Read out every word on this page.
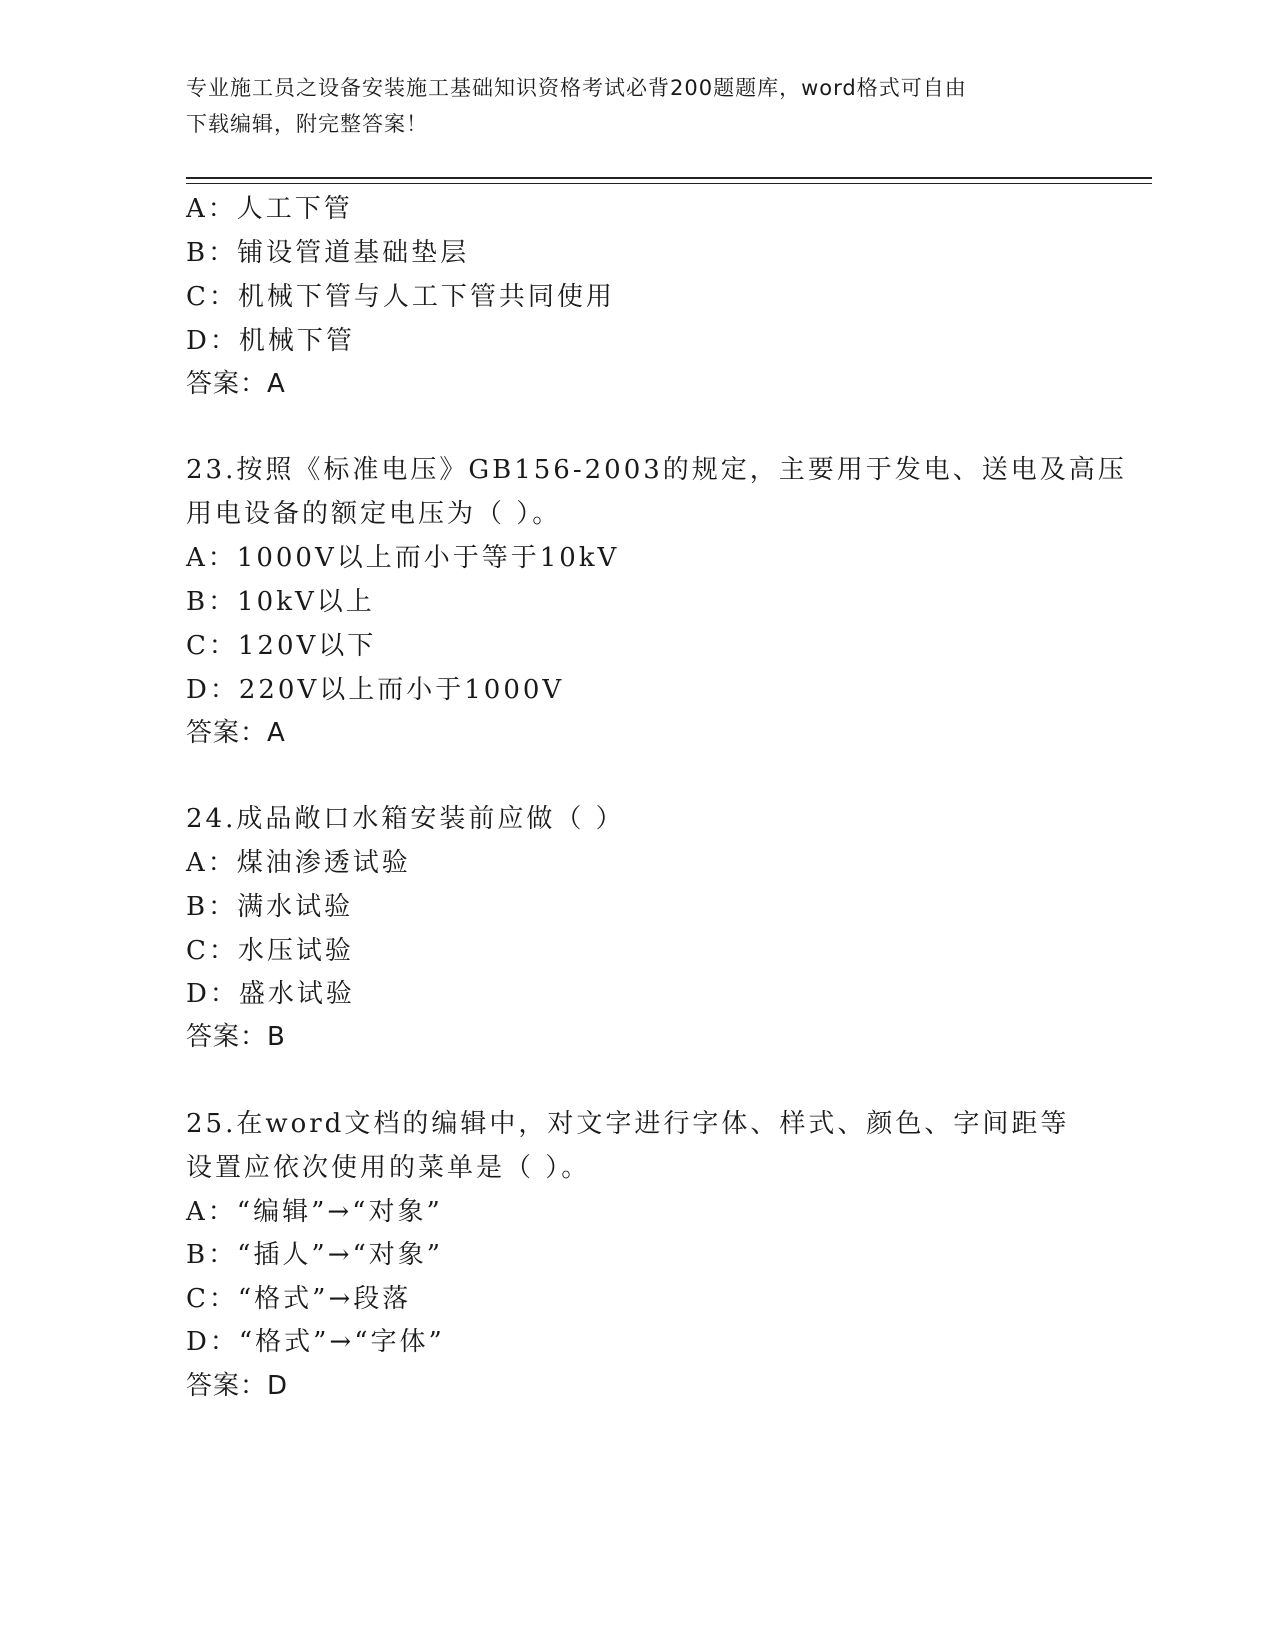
专业施工员之设备安装施工基础知识资格考试必背200题题库，word格式可自由
下载编辑，附完整答案！
A：人工下管
B：铺设管道基础垫层
C：机械下管与人工下管共同使用
D：机械下管
答案：A
23.按照《标准电压》GB156-2003的规定，主要用于发电、送电及高压
用电设备的额定电压为（ ）。
A：1000V以上而小于等于10kV
B：10kV以上
C：120V以下
D：220V以上而小于1000V
答案：A
24.成品敞口水箱安装前应做（ ）
A：煤油渗透试验
B：满水试验
C：水压试验
D：盛水试验
答案：B
25.在word文档的编辑中，对文字进行字体、样式、颜色、字间距等
设置应依次使用的菜单是（ ）。
A：“编辑”→“对象”
B：“插人”→“对象”
C：“格式”→段落
D：“格式”→“字体”
答案：D
